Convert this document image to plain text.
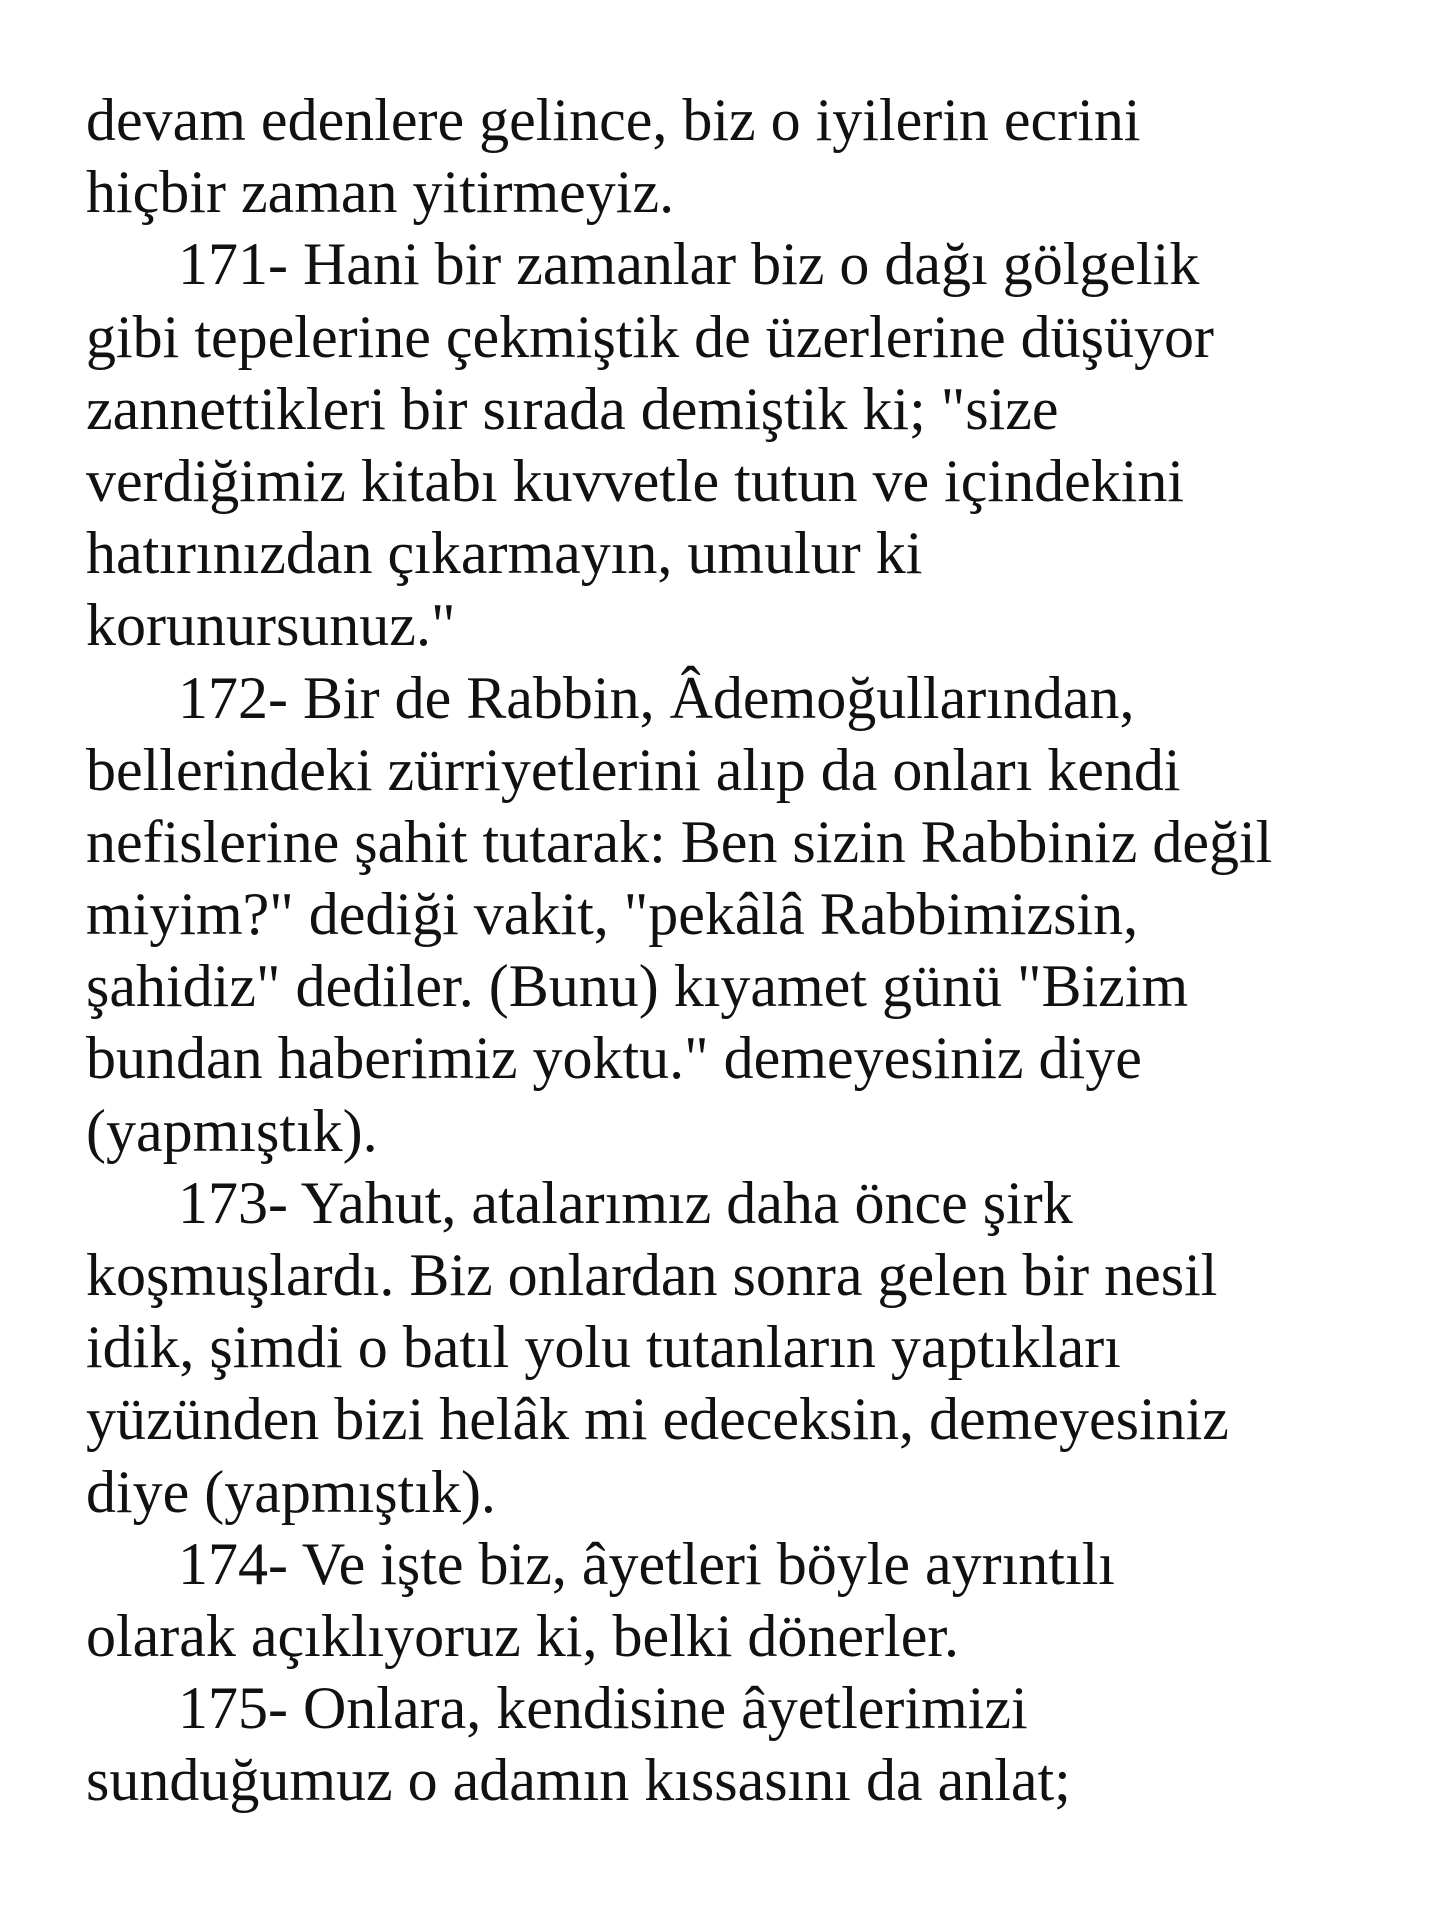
devam edenlere gelince, biz o iyilerin ecrini
hiçbir zaman yitirmeyiz.
171- Hani bir zamanlar biz o dağı gölgelik
gibi tepelerine çekmiştik de üzerlerine düşüyor
zannettikleri bir sırada demiştik ki; "size
verdiğimiz kitabı kuvvetle tutun ve içindekini
hatırınızdan çıkarmayın, umulur ki
korunursunuz."
172- Bir de Rabbin, Âdemoğullarından,
bellerindeki zürriyetlerini alıp da onları kendi
nefislerine şahit tutarak: Ben sizin Rabbiniz değil
miyim?" dediği vakit, "pekâlâ Rabbimizsin,
şahidiz" dediler. (Bunu) kıyamet günü "Bizim
bundan haberimiz yoktu." demeyesiniz diye
(yapmıştık).
173- Yahut, atalarımız daha önce şirk
koşmuşlardı. Biz onlardan sonra gelen bir nesil
idik, şimdi o batıl yolu tutanların yaptıkları
yüzünden bizi helâk mi edeceksin, demeyesiniz
diye (yapmıştık).
174- Ve işte biz, âyetleri böyle ayrıntılı
olarak açıklıyoruz ki, belki dönerler.
175- Onlara, kendisine âyetlerimizi
sunduğumuz o adamın kıssasını da anlat;
